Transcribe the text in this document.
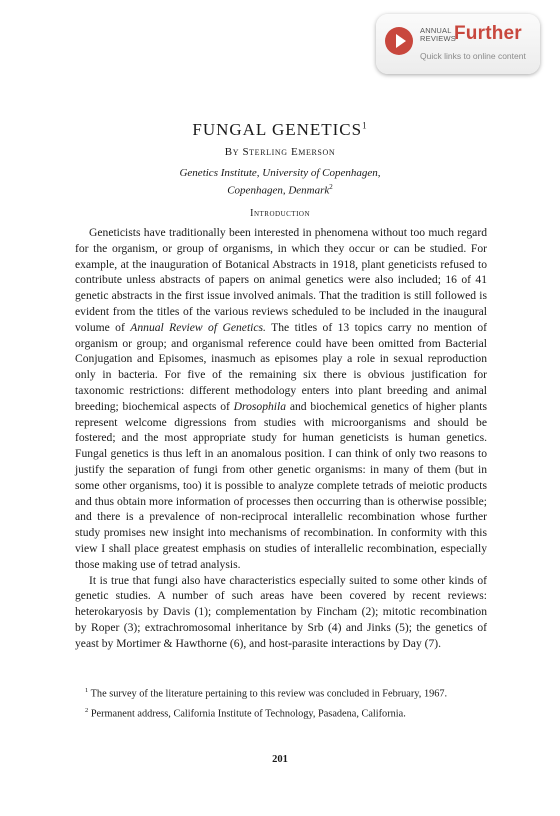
ANNUAL
REVIEWS
Further
Quick links to online content
FUNGAL GENETICS$^1$
By Sterling Emerson
Genetics Institute, University of Copenhagen,
Copenhagen, Denmark$^2$
Introduction

Geneticists have traditionally been interested in phenomena without too much regard for the organism, or group of organisms, in which they occur or can be studied. For example, at the inauguration of Botanical Abstracts in 1918, plant geneticists refused to contribute unless abstracts of papers on animal genetics were also included; 16 of 41 genetic abstracts in the first issue involved animals. That the tradition is still followed is evident from the titles of the various reviews scheduled to be included in the inaugural volume of Annual Review of Genetics. The titles of 13 topics carry no mention of organism or group; and organismal reference could have been omitted from Bacterial Conjugation and Episomes, inasmuch as episomes play a role in sexual reproduction only in bacteria. For five of the remaining six there is obvious justification for taxonomic restrictions: different methodology enters into plant breeding and animal breeding; biochemical aspects of Drosophila and biochemical genetics of higher plants represent welcome digressions from studies with microorganisms and should be fostered; and the most appropriate study for human geneticists is human genetics. Fungal genetics is thus left in an anomalous position. I can think of only two reasons to justify the separation of fungi from other genetic organisms: in many of them (but in some other organisms, too) it is possible to analyze complete tetrads of meiotic products and thus obtain more information of processes then occurring than is otherwise possible; and there is a prevalence of non-reciprocal interallelic recombination whose further study promises new insight into mechanisms of recombination. In conformity with this view I shall place greatest emphasis on studies of interallelic recombination, especially those making use of tetrad analysis.

It is true that fungi also have characteristics especially suited to some other kinds of genetic studies. A number of such areas have been covered by recent reviews: heterokaryosis by Davis (1); complementation by Fincham (2); mitotic recombination by Roper (3); extrachromosomal inheritance by Srb (4) and Jinks (5); the genetics of yeast by Mortimer & Hawthorne (6), and host-parasite interactions by Day (7).

$^1$ The survey of the literature pertaining to this review was concluded in February, 1967.

$^2$ Permanent address, California Institute of Technology, Pasadena, California.

201
